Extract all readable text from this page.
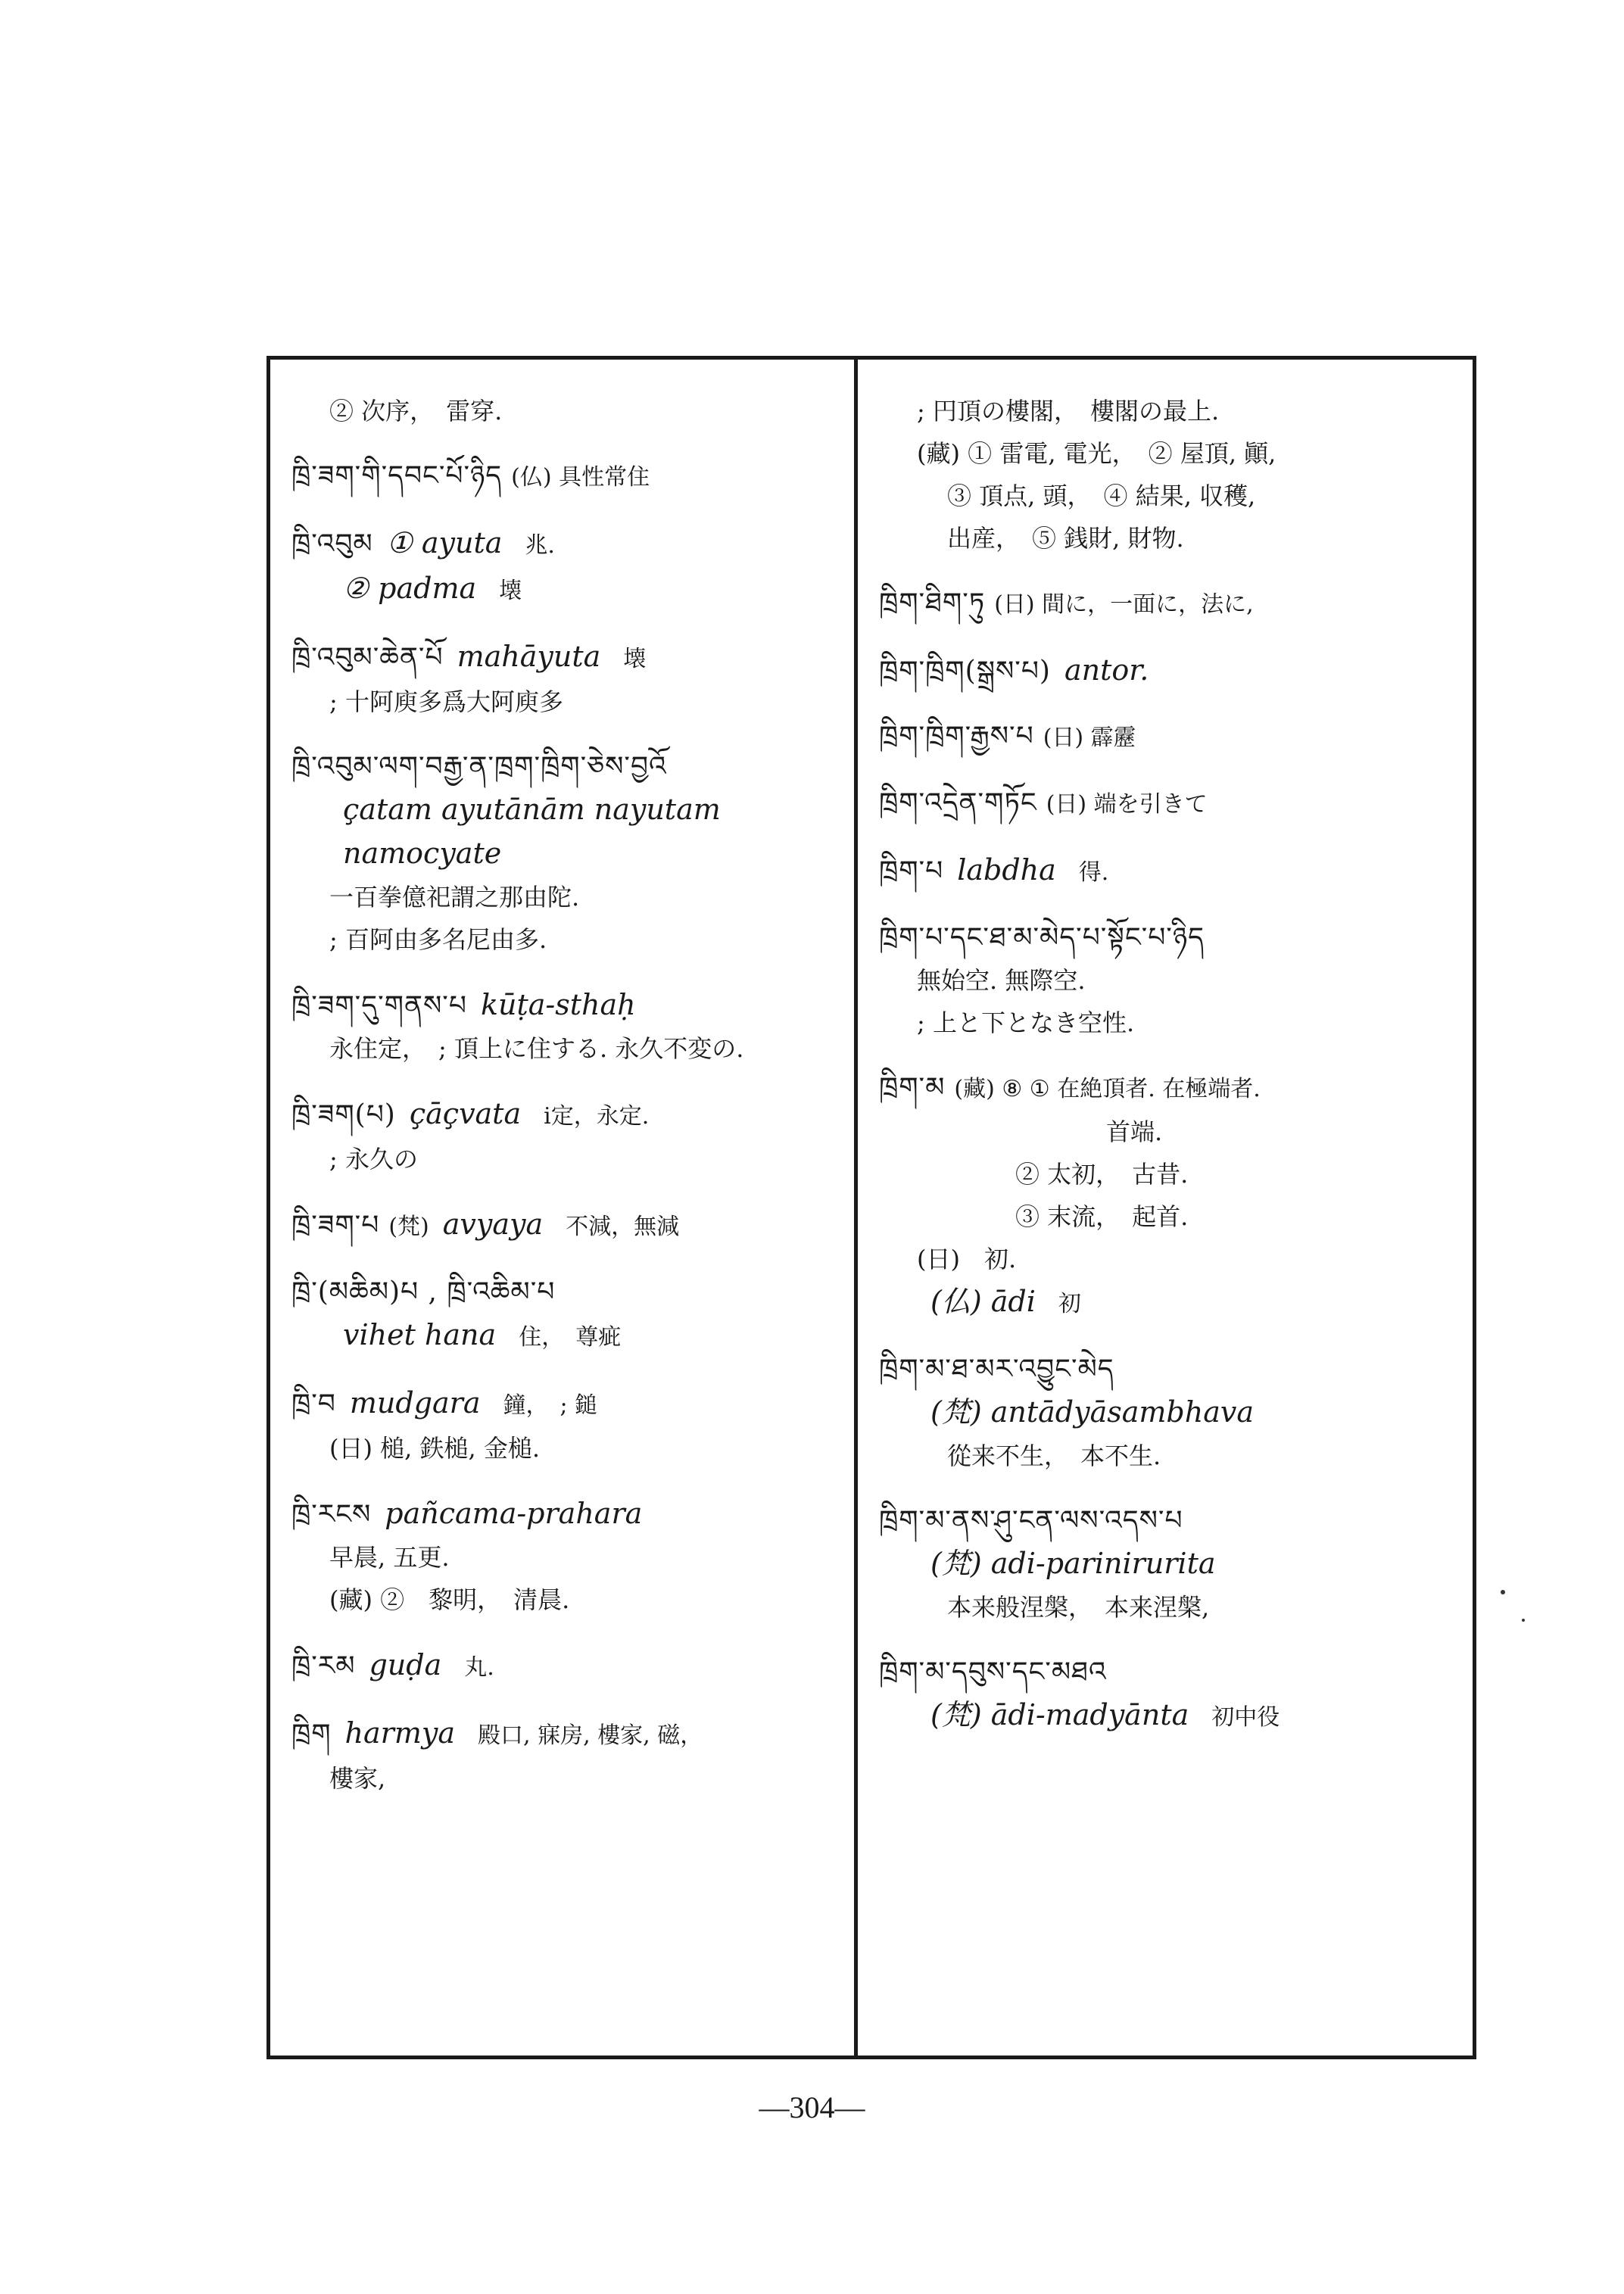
② 次序，　雷穿.
ཁྲི་ཟག་གི་དབང་པོ་ཉིད (仏) 具性常住
ཁྲི་འབུམ ① ayuta 兆.
② padma 壊
ཁྲི་འབུམ་ཆེན་པོ mahāyuta 壊
; 十阿庾多爲大阿庾多
ཁྲི་འབུམ་ལག་བརྒྱ་ན་ཁྲག་ཁྲིག་ཅེས་བྱའོ
çatam ayutānām nayutam
namocyate
一百拳億祀謂之那由陀.
; 百阿由多名尼由多.
ཁྲི་ཟག་དུ་གནས་པ kūṭa-sthaḥ
永住定，　; 頂上に住する. 永久不変の.
ཁྲི་ཟག(པ) çāçvata ⅰ定，永定.
; 永久の
ཁྲི་ཟག་པ (梵) avyaya 不減，無減
ཁྲི་(མཆིམ)པ , ཁྲི་འཆིམ་པ
vihet hana 住，　尊疵
ཁྲི་བ mudgara 鐘，　; 鎚
(日) 槌, 鉄槌, 金槌.
ཁྲི་རངས pañcama-prahara
早晨, 五更.
(藏) ②　黎明，　清晨.
ཁྲི་རམ guḍa 丸.
ཁྲིག harmya 殿口, 寐房, 樓家, 磁，
樓家,
; 円頂の樓閣，　樓閣の最上.
(藏) ① 雷電, 電光，　② 屋頂, 顚,
③ 頂点, 頭，　④ 結果, 収穫,
出産，　⑤ 銭財, 財物.
ཁྲིག་ཐིག་ཏུ (日) 間に，一面に，法に,
ཁྲིག་ཁྲིག(སྒྲས་པ) antor.
ཁྲིག་ཁྲིག་རྒྱས་པ (日) 霹靂
ཁྲིག་འདྲེན་གཏོང (日) 端を引きて
ཁྲིག་པ labdha 得.
ཁྲིག་པ་དང་ཐ་མ་མེད་པ་སྟོང་པ་ཉིད
無始空. 無際空.
; 上と下となき空性.
ཁྲིག་མ (藏) ⑧ ① 在絶頂者. 在極端者.
首端.
② 太初，　古昔.
③ 末流，　起首.
(日)　初.
(仏) ādi 初
ཁྲིག་མ་ཐ་མར་འབྱུང་མེད
(梵) antādyāsambhava
從来不生，　本不生.
ཁྲིག་མ་ནས་ཤུ་ངན་ལས་འདས་པ
(梵) adi-parinirurita
本来般涅槃，　本来涅槃,
ཁྲིག་མ་དབུས་དང་མཐའ
(梵) ādi-madyānta 初中役
—304—
